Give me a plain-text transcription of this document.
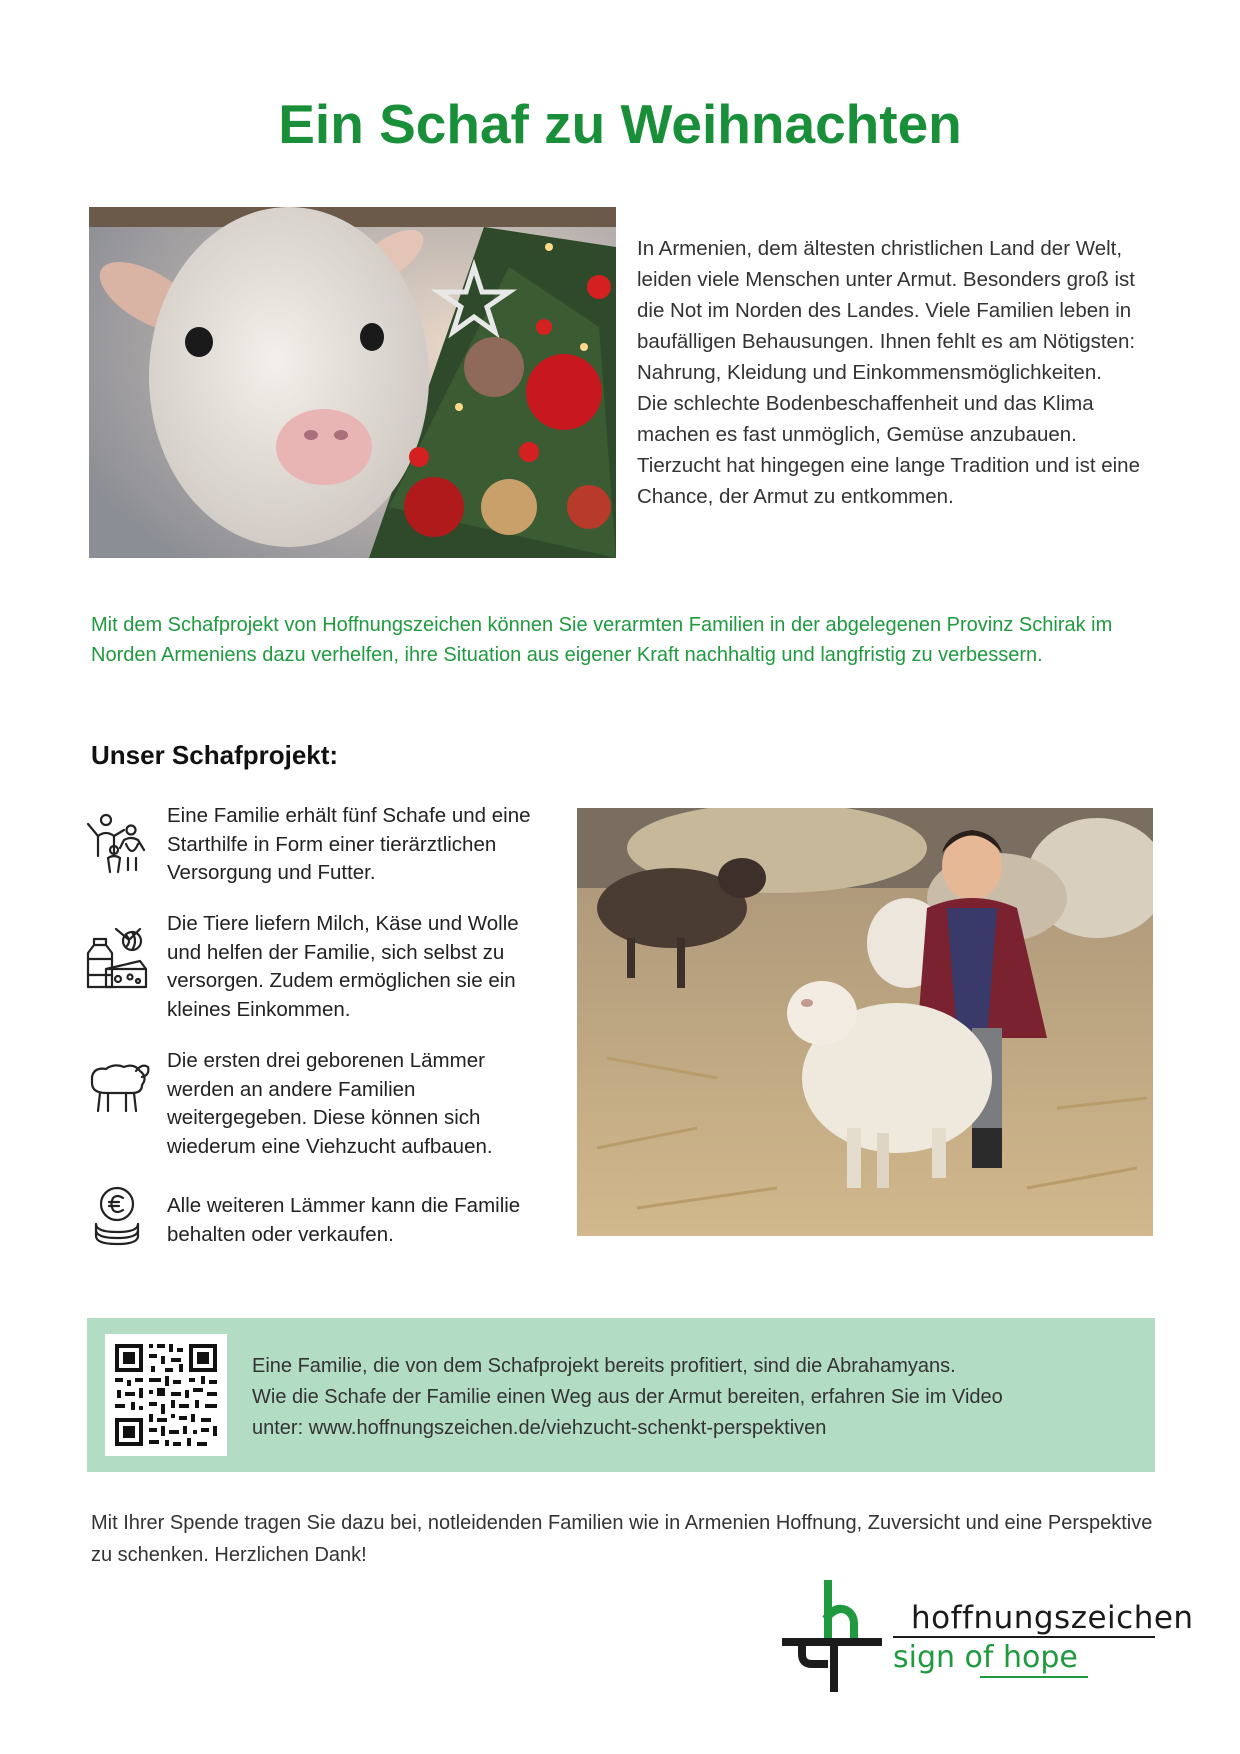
Ein Schaf zu Weihnachten

In Armenien, dem ältesten christlichen Land der Welt, leiden viele Menschen unter Armut. Besonders groß ist die Not im Norden des Landes. Viele Familien leben in baufälligen Behausungen. Ihnen fehlt es am Nötigsten: Nahrung, Kleidung und Einkommensmöglichkeiten.

Die schlechte Bodenbeschaffenheit und das Klima machen es fast unmöglich, Gemüse anzubauen. Tierzucht hat hingegen eine lange Tradition und ist eine Chance, der Armut zu entkommen.

Mit dem Schafprojekt von Hoffnungszeichen können Sie verarmten Familien in der abgelegenen Provinz Schirak im Norden Armeniens dazu verhelfen, ihre Situation aus eigener Kraft nachhaltig und langfristig zu verbessern.
Unser Schafprojekt:
Eine Familie erhält fünf Schafe und eine Starthilfe in Form einer tierärztlichen Versorgung und Futter.
Die Tiere liefern Milch, Käse und Wolle und helfen der Familie, sich selbst zu versorgen. Zudem ermöglichen sie ein kleines Einkommen.
Die ersten drei geborenen Lämmer werden an andere Familien weitergegeben. Diese können sich wiederum eine Viehzucht aufbauen.
Alle weiteren Lämmer kann die Familie behalten oder verkaufen.
Eine Familie, die von dem Schafprojekt bereits profitiert, sind die Abrahamyans.
Wie die Schafe der Familie einen Weg aus der Armut bereiten, erfahren Sie im Video
unter: www.hoffnungszeichen.de/viehzucht-schenkt-perspektiven
Mit Ihrer Spende tragen Sie dazu bei, notleidenden Familien wie in Armenien Hoffnung, Zuversicht und eine Perspektive zu schenken. Herzlichen Dank!
hoffnungszeichen
sign of hope
